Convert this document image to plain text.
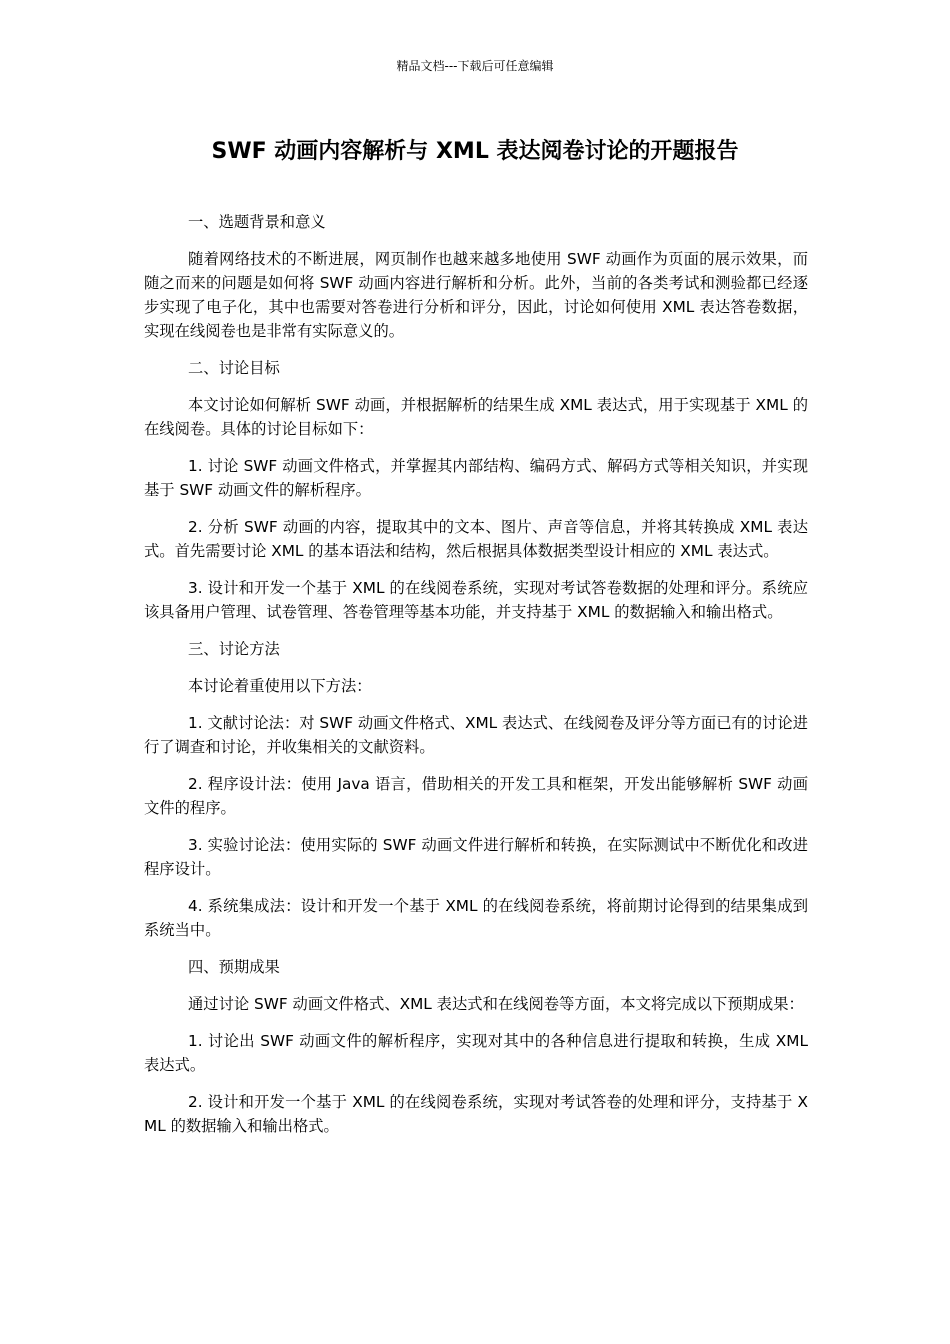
精品文档---下载后可任意编辑
SWF 动画内容解析与 XML 表达阅卷讨论的开题报告

一、选题背景和意义

随着网络技术的不断进展，网页制作也越来越多地使用 SWF 动画作为页面的展示效果，而随之而来的问题是如何将 SWF 动画内容进行解析和分析。此外，当前的各类考试和测验都已经逐步实现了电子化，其中也需要对答卷进行分析和评分，因此，讨论如何使用 XML 表达答卷数据，实现在线阅卷也是非常有实际意义的。

二、讨论目标

本文讨论如何解析 SWF 动画，并根据解析的结果生成 XML 表达式，用于实现基于 XML 的在线阅卷。具体的讨论目标如下：

1. 讨论 SWF 动画文件格式，并掌握其内部结构、编码方式、解码方式等相关知识，并实现基于 SWF 动画文件的解析程序。

2. 分析 SWF 动画的内容，提取其中的文本、图片、声音等信息，并将其转换成 XML 表达式。首先需要讨论 XML 的基本语法和结构，然后根据具体数据类型设计相应的 XML 表达式。

3. 设计和开发一个基于 XML 的在线阅卷系统，实现对考试答卷数据的处理和评分。系统应该具备用户管理、试卷管理、答卷管理等基本功能，并支持基于 XML 的数据输入和输出格式。

三、讨论方法

本讨论着重使用以下方法：

1. 文献讨论法：对 SWF 动画文件格式、XML 表达式、在线阅卷及评分等方面已有的讨论进行了调查和讨论，并收集相关的文献资料。

2. 程序设计法：使用 Java 语言，借助相关的开发工具和框架，开发出能够解析 SWF 动画文件的程序。

3. 实验讨论法：使用实际的 SWF 动画文件进行解析和转换，在实际测试中不断优化和改进程序设计。

4. 系统集成法：设计和开发一个基于 XML 的在线阅卷系统，将前期讨论得到的结果集成到系统当中。

四、预期成果

通过讨论 SWF 动画文件格式、XML 表达式和在线阅卷等方面，本文将完成以下预期成果：

1. 讨论出 SWF 动画文件的解析程序，实现对其中的各种信息进行提取和转换，生成 XML 表达式。

2. 设计和开发一个基于 XML 的在线阅卷系统，实现对考试答卷的处理和评分，支持基于 XML 的数据输入和输出格式。
